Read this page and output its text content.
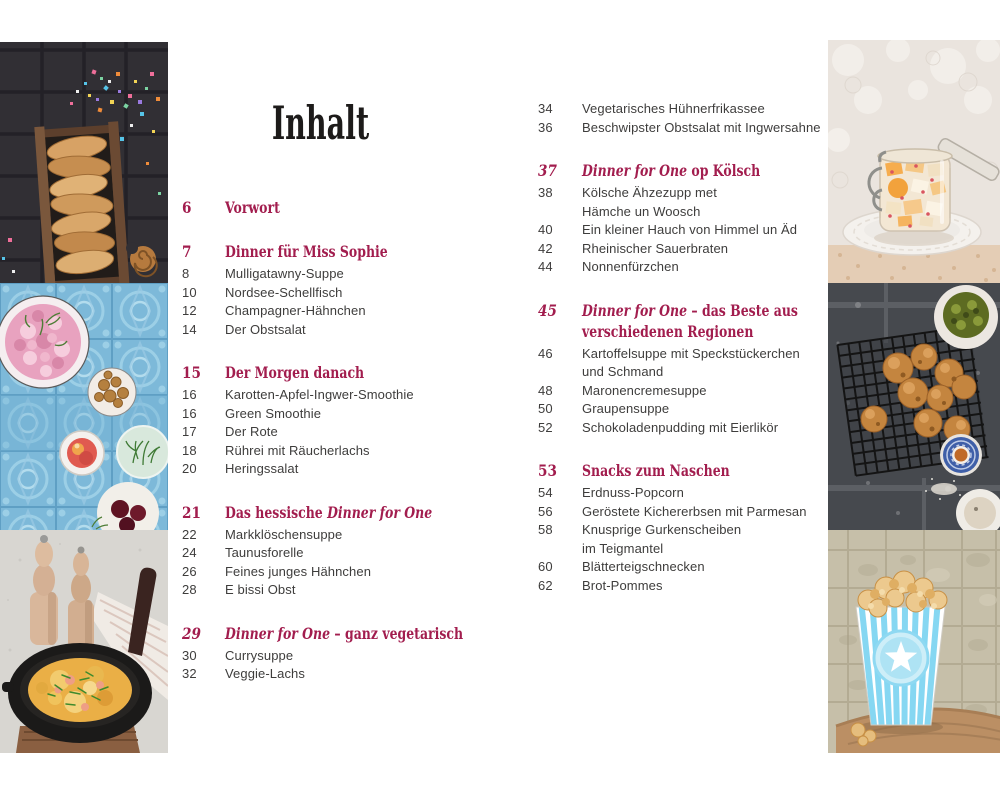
Inhalt
6	Vorwort
7	Dinner für Miss Sophie
8	Mulligatawny-Suppe
10	Nordsee-Schellfisch
12	Champagner-Hähnchen
14	Der Obstsalat
15	Der Morgen danach
16	Karotten-Apfel-Ingwer-Smoothie
16	Green Smoothie
17	Der Rote
18	Rührei mit Räucherlachs
20	Heringssalat
21	Das hessische Dinner for One
22	Markklöschensuppe
24	Taunusforelle
26	Feines junges Hähnchen
28	E bissi Obst
29	Dinner for One – ganz vegetarisch
30	Currysuppe
32	Veggie-Lachs
34	Vegetarisches Hühnerfrikassee
36	Beschwipster Obstsalat mit Ingwersahne
37	Dinner for One op Kölsch
38	Kölsche Ähzezupp met
Hämche un Woosch
40	Ein kleiner Hauch von Himmel un Äd
42	Rheinischer Sauerbraten
44	Nonnenfürzchen
45	Dinner for One – das Beste aus
verschiedenen Regionen
46	Kartoffelsuppe mit Speckstückerchen
und Schmand
48	Maronencremesuppe
50	Graupensuppe
52	Schokoladenpudding mit Eierlikör
53	Snacks zum Naschen
54	Erdnuss-Popcorn
56	Geröstete Kichererbsen mit Parmesan
58	Knusprige Gurkenscheiben
im Teigmantel
60	Blätterteigschnecken
62	Brot-Pommes
